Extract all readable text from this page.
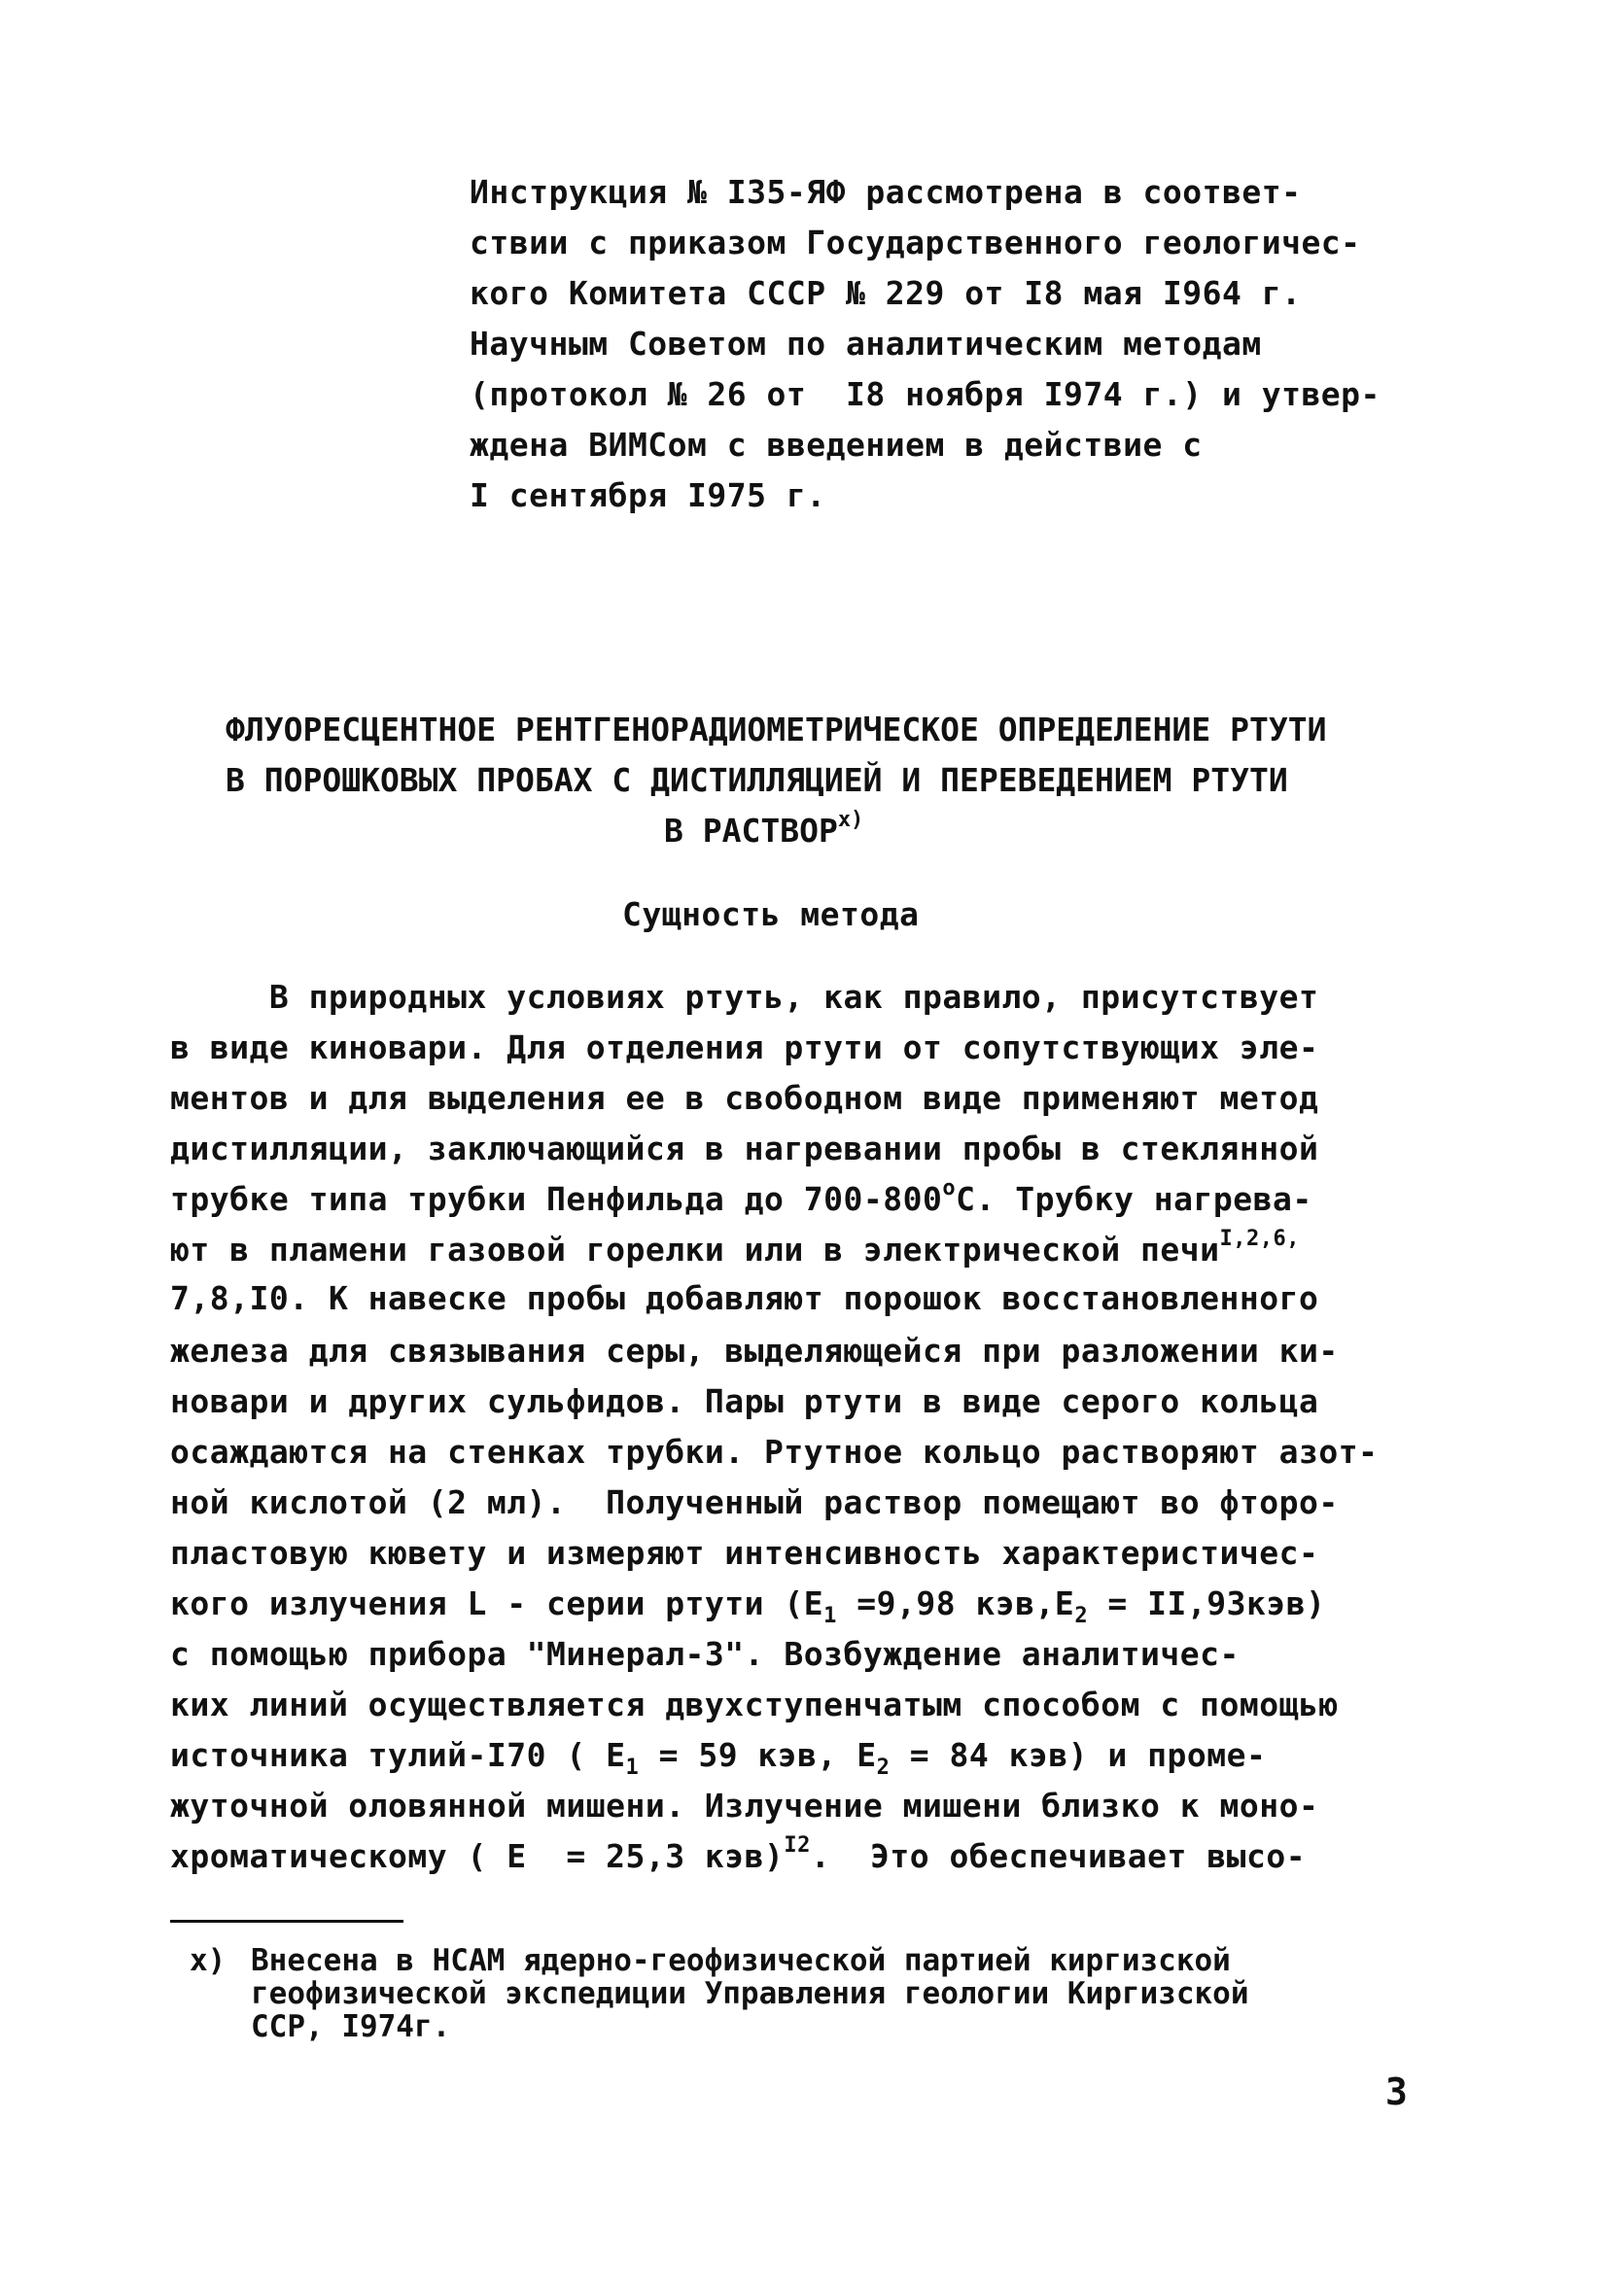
Инструкция № I35-ЯФ рассмотрена в соответ-
ствии с приказом Государственного геологичес-
кого Комитета СССР № 229 от I8 мая I964 г.
Научным Советом по аналитическим методам
(протокол № 26 от  I8 ноября I974 г.) и утвер-
ждена ВИМСом с введением в действие с
I сентября I975 г.
ФЛУОРЕСЦЕНТНОЕ РЕНТГЕНОРАДИОМЕТРИЧЕСКОЕ ОПРЕДЕЛЕНИЕ РТУТИ
В ПОРОШКОВЫХ ПРОБАХ С ДИСТИЛЛЯЦИЕЙ И ПЕРЕВЕДЕНИЕМ РТУТИ
В $РАСТВОР^{х)}$
Сущность метода
В природных условиях ртуть, как правило, присутствует
в виде киновари. Для отделения ртути от сопутствующих эле-
ментов и для выделения ее в свободном виде применяют метод
дистилляции, заключающийся в нагревании пробы в стеклянной
трубке типа трубки Пенфильда до $700-800^оС$. Трубку нагрева-
ют в пламени газовой горелки или в электрической печи$^{I,2,6,}$
7,8,I0. К навеске пробы добавляют порошок восстановленного
железа для связывания серы, выделяющейся при разложении ки-
новари и других сульфидов. Пары ртути в виде серого кольца
осаждаются на стенках трубки. Ртутное кольцо растворяют азот-
ной кислотой (2 мл).  Полученный раствор помещают во фторо-
пластовую кювету и измеряют интенсивность характеристичес-
кого излучения L - серии ртути ($E_1 =9,98$ $кэв,E_2 = II,93кэв$)
с помощью прибора "Минерал-3". Возбуждение аналитичес-
ких линий осуществляется двухступенчатым способом с помощью
источника тулий-I70 ( $E_1 = 59$ кэв, $E_2 = 84$ кэв) и проме-
жуточной оловянной мишени. Излучение мишени близко к моно-
хроматическому ( E  = 25,3 кэв)$^{I2}$.  Это обеспечивает высо-
х) Внесена в НСАМ ядерно-геофизической партией киргизской
геофизической экспедиции Управления геологии Киргизской
ССР, I974г.
3
